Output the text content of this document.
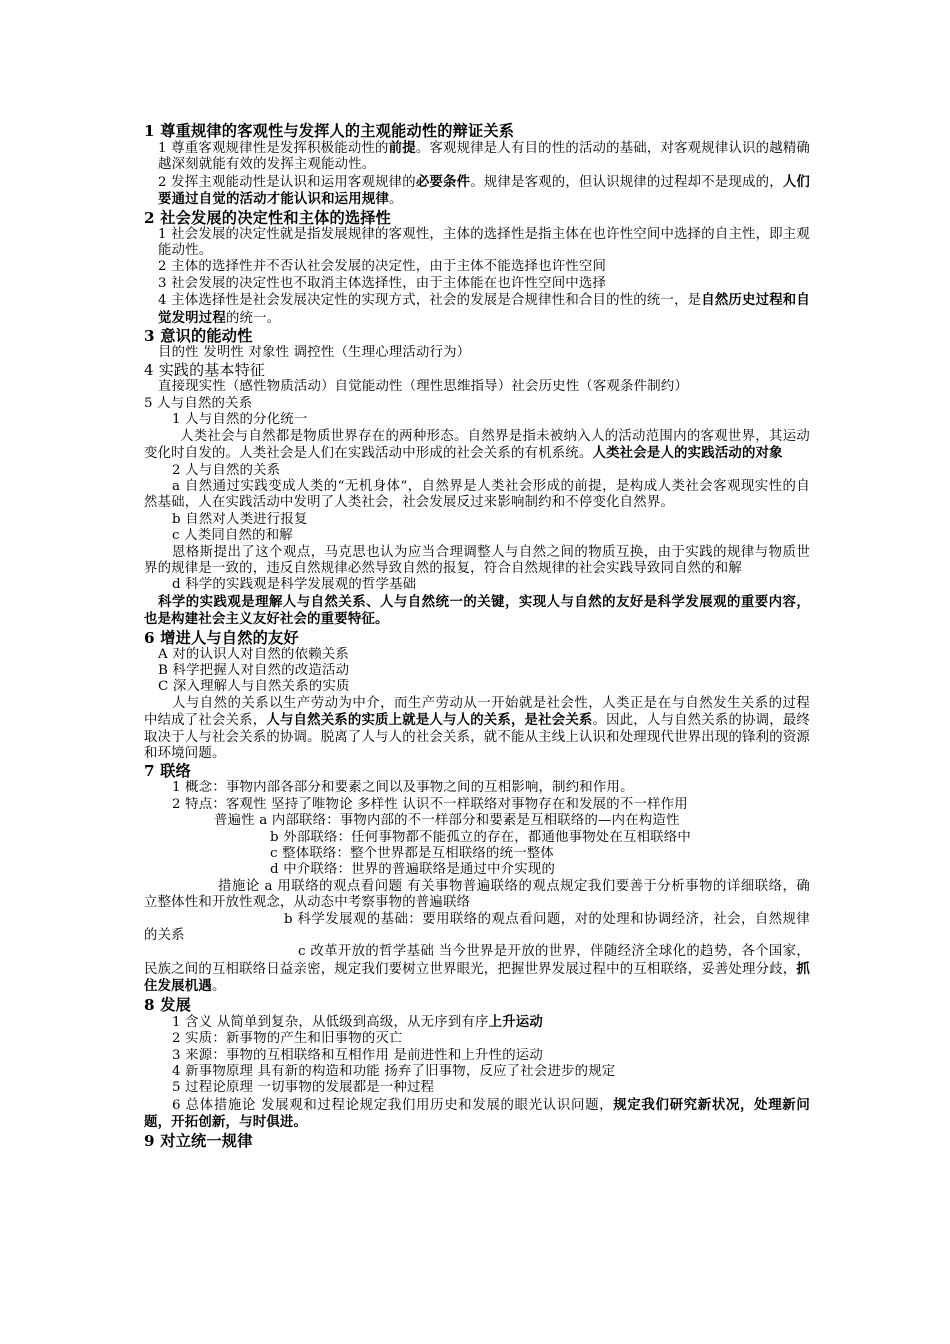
1 尊重规律的客观性与发挥人的主观能动性的辩证关系
1 尊重客观规律性是发挥积极能动性的前提。客观规律是人有目的性的活动的基础，对客观规律认识的越精确越深刻就能有效的发挥主观能动性。
2 发挥主观能动性是认识和运用客观规律的必要条件。规律是客观的，但认识规律的过程却不是现成的，人们要通过自觉的活动才能认识和运用规律。
2 社会发展的决定性和主体的选择性
1 社会发展的决定性就是指发展规律的客观性，主体的选择性是指主体在也许性空间中选择的自主性，即主观能动性。
2 主体的选择性并不否认社会发展的决定性，由于主体不能选择也许性空间
3 社会发展的决定性也不取消主体选择性，由于主体能在也许性空间中选择
4 主体选择性是社会发展决定性的实现方式，社会的发展是合规律性和合目的性的统一，是自然历史过程和自觉发明过程的统一。
3 意识的能动性
目的性 发明性 对象性 调控性（生理心理活动行为）
4 实践的基本特征
直接现实性（感性物质活动）自觉能动性（理性思维指导）社会历史性（客观条件制约）
5 人与自然的关系
1 人与自然的分化统一
人类社会与自然都是物质世界存在的两种形态。自然界是指未被纳入人的活动范围内的客观世界，其运动变化时自发的。人类社会是人们在实践活动中形成的社会关系的有机系统。人类社会是人的实践活动的对象
2 人与自然的关系
a 自然通过实践变成人类的“无机身体”，自然界是人类社会形成的前提，是构成人类社会客观现实性的自然基础，人在实践活动中发明了人类社会，社会发展反过来影响制约和不停变化自然界。
b 自然对人类进行报复
c 人类同自然的和解
恩格斯提出了这个观点，马克思也认为应当合理调整人与自然之间的物质互换，由于实践的规律与物质世界的规律是一致的，违反自然规律必然导致自然的报复，符合自然规律的社会实践导致同自然的和解
d 科学的实践观是科学发展观的哲学基础
科学的实践观是理解人与自然关系、人与自然统一的关键，实现人与自然的友好是科学发展观的重要内容，也是构建社会主义友好社会的重要特征。
6 增进人与自然的友好
A 对的认识人对自然的依赖关系
B 科学把握人对自然的改造活动
C 深入理解人与自然关系的实质
人与自然的关系以生产劳动为中介，而生产劳动从一开始就是社会性，人类正是在与自然发生关系的过程中结成了社会关系，人与自然关系的实质上就是人与人的关系，是社会关系。因此，人与自然关系的协调，最终取决于人与社会关系的协调。脱离了人与人的社会关系，就不能从主线上认识和处理现代世界出现的锋利的资源和环境问题。
7 联络
1 概念：事物内部各部分和要素之间以及事物之间的互相影响，制约和作用。
2 特点：客观性 坚持了唯物论 多样性 认识不一样联络对事物存在和发展的不一样作用
普遍性 a 内部联络：事物内部的不一样部分和要素是互相联络的—内在构造性
b 外部联络：任何事物都不能孤立的存在，都通他事物处在互相联络中
c 整体联络：整个世界都是互相联络的统一整体
d 中介联络：世界的普遍联络是通过中介实现的
措施论 a 用联络的观点看问题 有关事物普遍联络的观点规定我们要善于分析事物的详细联络，确立整体性和开放性观念，从动态中考察事物的普遍联络
b 科学发展观的基础：要用联络的观点看问题，对的处理和协调经济，社会，自然规律的关系
c 改革开放的哲学基础 当今世界是开放的世界，伴随经济全球化的趋势，各个国家，民族之间的互相联络日益亲密，规定我们要树立世界眼光，把握世界发展过程中的互相联络，妥善处理分歧，抓住发展机遇。
8 发展
1 含义 从简单到复杂，从低级到高级，从无序到有序上升运动
2 实质：新事物的产生和旧事物的灭亡
3 来源：事物的互相联络和互相作用 是前进性和上升性的运动
4 新事物原理 具有新的构造和功能 扬弃了旧事物，反应了社会进步的规定
5 过程论原理 一切事物的发展都是一种过程
6 总体措施论 发展观和过程论规定我们用历史和发展的眼光认识问题，规定我们研究新状况，处理新问题，开拓创新，与时俱进。
9 对立统一规律
